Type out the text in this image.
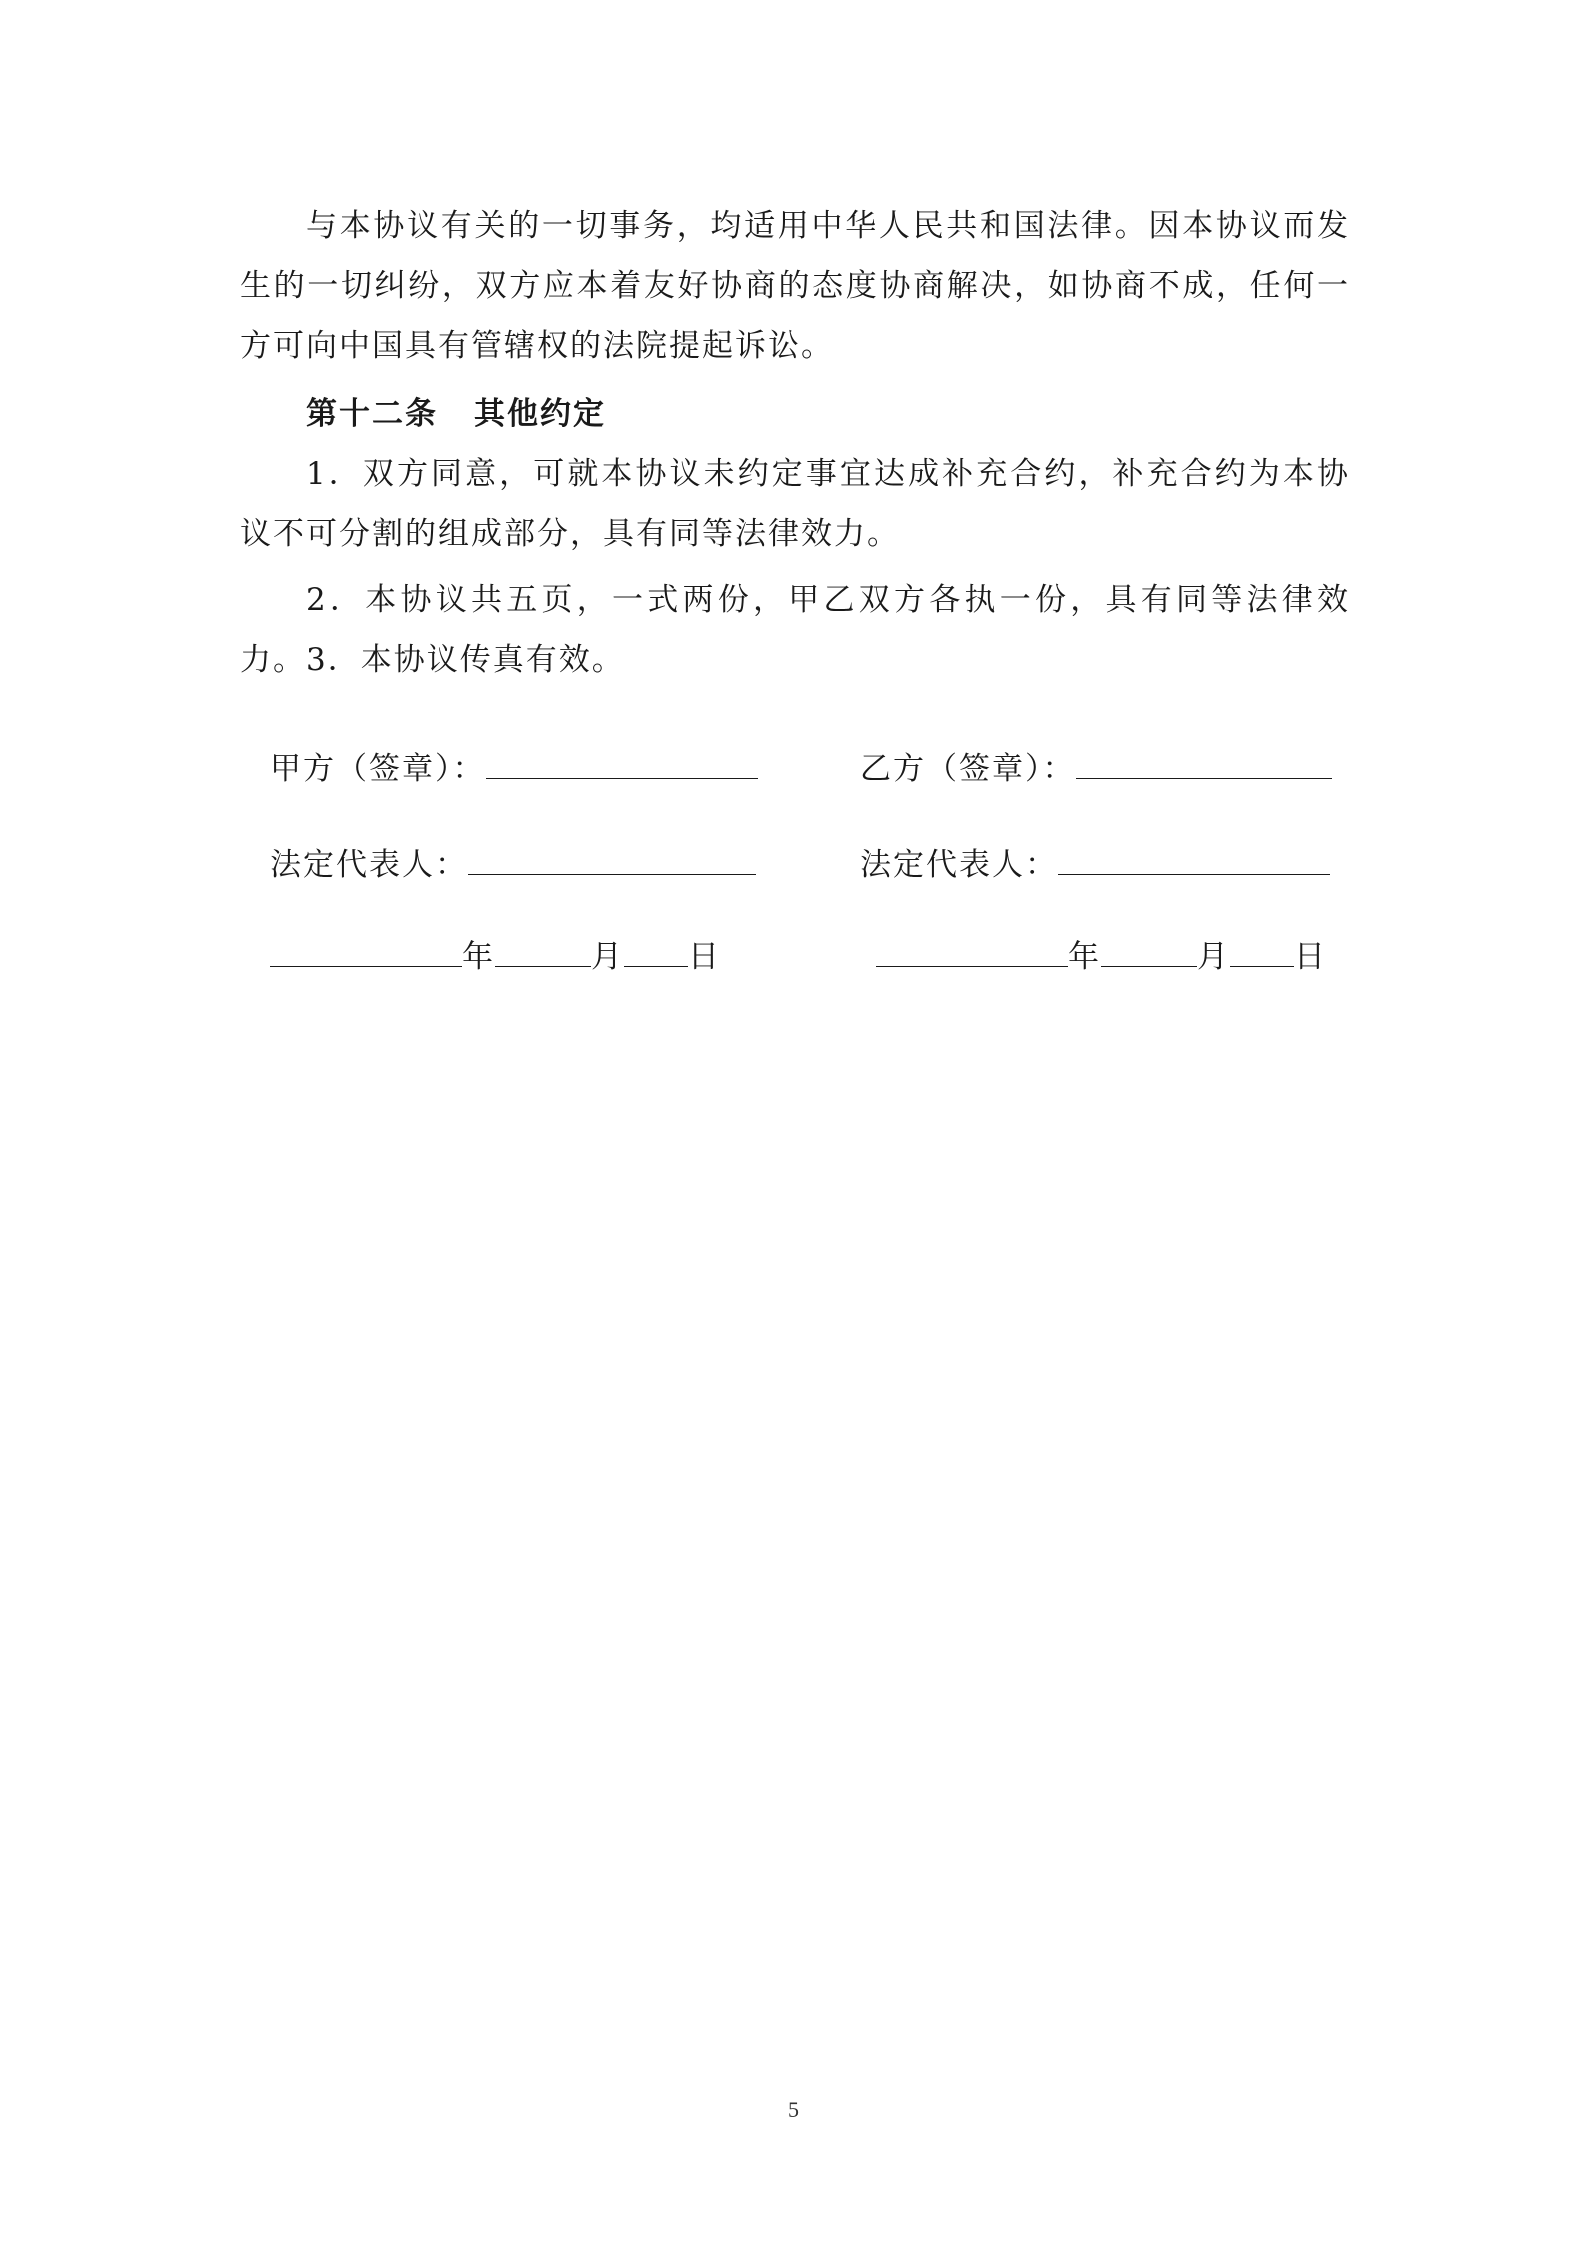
与本协议有关的一切事务，均适用中华人民共和国法律。因本协议而发生的一切纠纷，双方应本着友好协商的态度协商解决，如协商不成，任何一方可向中国具有管辖权的法院提起诉讼。

第十二条 其他约定

1．双方同意，可就本协议未约定事宜达成补充合约，补充合约为本协议不可分割的组成部分，具有同等法律效力。

2．本协议共五页，一式两份，甲乙双方各执一份，具有同等法律效力。 3．本协议传真有效。

甲方（签章）：	乙方（签章）：
法定代表人：	法定代表人：
年	月 日	年	月 日
5
